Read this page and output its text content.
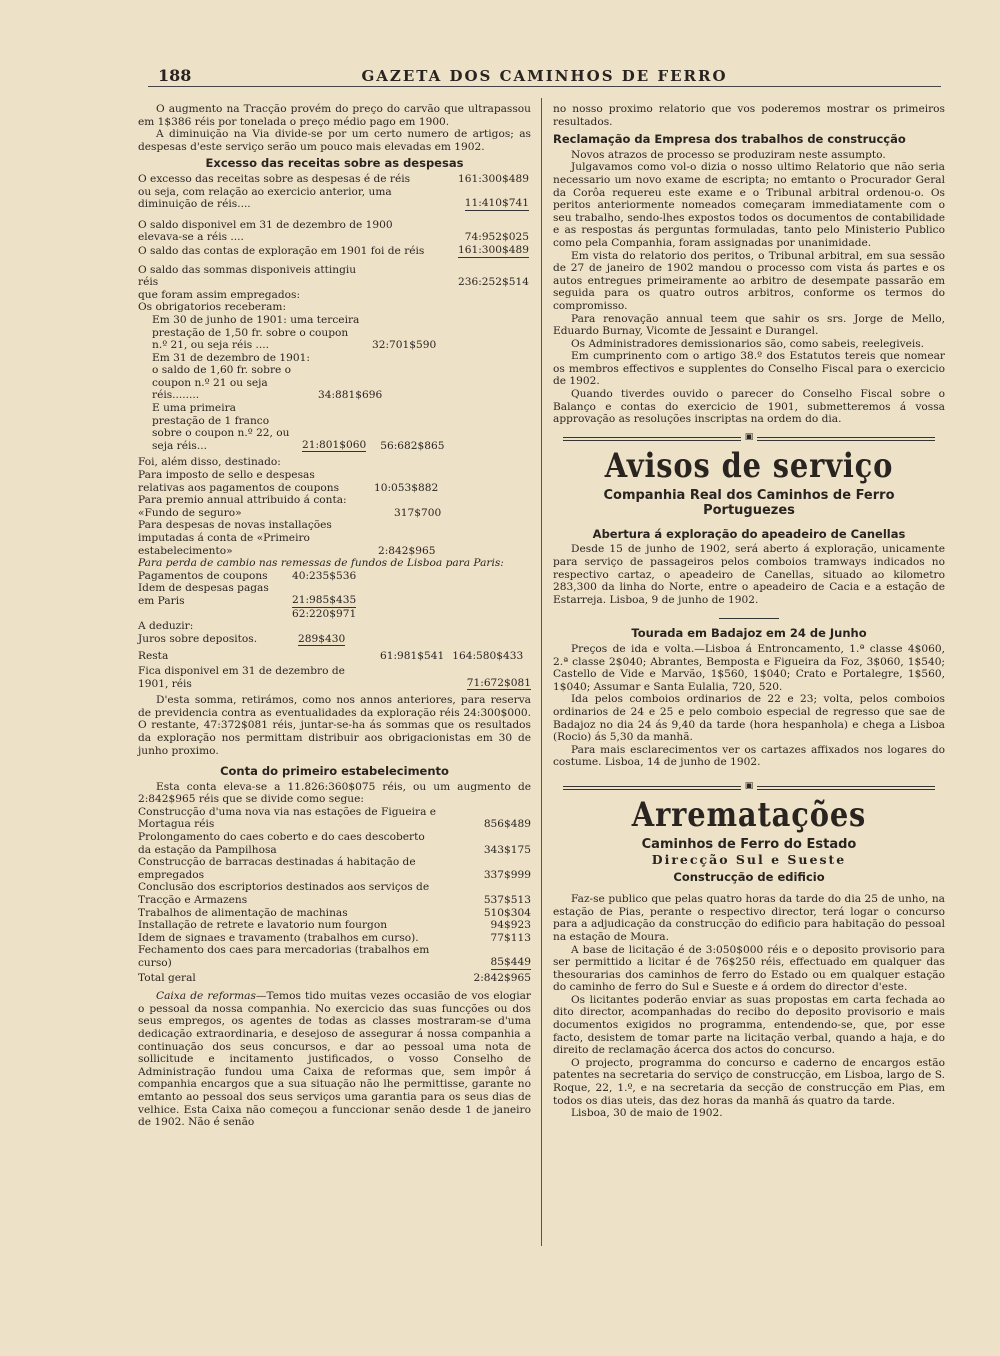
188	GAZETA DOS CAMINHOS DE FERRO

O augmento na Tracção provém do preço do carvão que ultrapassou em 1$386 réis por tonelada o preço médio pago em 1900.

A diminuição na Via divide-se por um certo numero de artigos; as despesas d'este serviço serão um pouco mais elevadas em 1902.

Excesso das receitas sobre as despesas
O excesso das receitas sobre as despesas é de réis	161:300$489
ou seja, com relação ao exercicio anterior, uma diminuição de réis....	11:410$741
O saldo disponivel em 31 de dezembro de 1900 elevava-se a réis ....	74:952$025
O saldo das contas de exploração em 1901 foi de réis	161:300$489
O saldo das sommas disponiveis attingiu réis	236:252$514

que foram assim empregados:

Os obrigatorios receberam:

Em 30 de junho de 1901: uma terceira prestação de 1,50 fr. sobre o coupon n.º 21, ou seja réis ....	32:701$590
Em 31 de dezembro de 1901: o saldo de 1,60 fr. sobre o coupon n.º 21 ou seja réis........	34:881$696
E uma primeira prestação de 1 franco sobre o coupon n.º 22, ou seja réis...	21:801$060 56:682$865

Foi, além disso, destinado:

Para imposto de sello e despesas relativas aos pagamentos de coupons	10:053$882
Para premio annual attribuido á conta: «Fundo de seguro»	317$700
Para despesas de novas installações imputadas á conta de «Primeiro estabelecimento»	2:842$965

Para perda de cambio nas remessas de fundos de Lisboa para Paris:

Pagamentos de coupons	40:235$536
Idem de despesas pagas em Paris	21:985$435
62:220$971

A deduzir:

Juros sobre depositos.	289$430
Resta	61:981$541 164:580$433
Fica disponivel em 31 de dezembro de 1901, réis	71:672$081

D'esta somma, retirámos, como nos annos anteriores, para reserva de previdencia contra as eventualidades da exploração réis 24:300$000. O restante, 47:372$081 réis, juntar-se-ha ás sommas que os resultados da exploração nos permittam distribuir aos obrigacionistas em 30 de junho proximo.

Conta do primeiro estabelecimento

Esta conta eleva-se a 11.826:360$075 réis, ou um augmento de 2:842$965 réis que se divide como segue:

Construcção d'uma nova via nas estações de Figueira e Mortagua réis	856$489
Prolongamento do caes coberto e do caes descoberto da estação da Pampilhosa	343$175
Construcção de barracas destinadas á habitação de empregados	337$999
Conclusão dos escriptorios destinados aos serviços de Tracção e Armazens	537$513
Trabalhos de alimentação de machinas	510$304
Installação de retrete e lavatorio num fourgon	94$923
Idem de signaes e travamento (trabalhos em curso).	77$113
Fechamento dos caes para mercadorias (trabalhos em curso)	85$449
Total geral	2:842$965

Caixa de reformas—Temos tido muitas vezes occasião de vos elogiar o pessoal da nossa companhia. No exercicio das suas funcções ou dos seus empregos, os agentes de todas as classes mostraram-se d'uma dedicação extraordinaria, e desejoso de assegurar á nossa companhia a continuação dos seus concursos, e dar ao pessoal uma nota de sollicitude e incitamento justificados, o vosso Conselho de Administração fundou uma Caixa de reformas que, sem impôr á companhia encargos que a sua situação não lhe permittisse, garante no emtanto ao pessoal dos seus serviços uma garantia para os seus dias de velhice. Esta Caixa não começou a funccionar senão desde 1 de janeiro de 1902. Não é senão

no nosso proximo relatorio que vos poderemos mostrar os primeiros resultados.

Reclamação da Empresa dos trabalhos de construcção

Novos atrazos de processo se produziram neste assumpto.

Julgavamos como vol-o dizia o nosso ultimo Relatorio que não seria necessario um novo exame de escripta; no emtanto o Procurador Geral da Corôa requereu este exame e o Tribunal arbitral ordenou-o. Os peritos anteriormente nomeados começaram immediatamente com o seu trabalho, sendo-lhes expostos todos os documentos de contabilidade e as respostas ás perguntas formuladas, tanto pelo Ministerio Publico como pela Companhia, foram assignadas por unanimidade.

Em vista do relatorio dos peritos, o Tribunal arbitral, em sua sessão de 27 de janeiro de 1902 mandou o processo com vista ás partes e os autos entregues primeiramente ao arbitro de desempate passarão em seguida para os quatro outros arbitros, conforme os termos do compromisso.

Para renovação annual teem que sahir os srs. Jorge de Mello, Eduardo Burnay, Vicomte de Jessaint e Durangel.

Os Administradores demissionarios são, como sabeis, reelegiveis.

Em cumprinento com o artigo 38.º dos Estatutos tereis que nomear os membros effectivos e supplentes do Conselho Fiscal para o exercicio de 1902.

Quando tiverdes ouvido o parecer do Conselho Fiscal sobre o Balanço e contas do exercicio de 1901, submetteremos á vossa approvação as resoluções inscriptas na ordem do dia.

▣
Avisos de serviço
Companhia Real dos Caminhos de Ferro Portuguezes
Abertura á exploração do apeadeiro de Canellas

Desde 15 de junho de 1902, será aberto á exploração, unicamente para serviço de passageiros pelos comboios tramways indicados no respectivo cartaz, o apeadeiro de Canellas, situado ao kilometro 283,300 da linha do Norte, entre o apeadeiro de Cacia e a estação de Estarreja. Lisboa, 9 de junho de 1902.

Tourada em Badajoz em 24 de Junho

Preços de ida e volta.—Lisboa á Entroncamento, 1.ª classe 4$060, 2.ª classe 2$040; Abrantes, Bemposta e Figueira da Foz, 3$060, 1$540; Castello de Vide e Marvão, 1$560, 1$040; Crato e Portalegre, 1$560, 1$040; Assumar e Santa Eulalia, 720, 520.

Ida pelos comboios ordinarios de 22 e 23; volta, pelos comboios ordinarios de 24 e 25 e pelo comboio especial de regresso que sae de Badajoz no dia 24 ás 9,40 da tarde (hora hespanhola) e chega a Lisboa (Rocio) ás 5,30 da manhã.

Para mais esclarecimentos ver os cartazes affixados nos logares do costume. Lisboa, 14 de junho de 1902.

▣
Arrematações
Caminhos de Ferro do Estado
Direcção Sul e Sueste
Construcção de edificio

Faz-se publico que pelas quatro horas da tarde do dia 25 de unho, na estação de Pias, perante o respectivo director, terá logar o concurso para a adjudicação da construcção do edificio para habitação do pessoal na estação de Moura.

A base de licitação é de 3:050$000 réis e o deposito provisorio para ser permittido a licitar é de 76$250 réis, effectuado em qualquer das thesourarias dos caminhos de ferro do Estado ou em qualquer estação do caminho de ferro do Sul e Sueste e á ordem do director d'este.

Os licitantes poderão enviar as suas propostas em carta fechada ao dito director, acompanhadas do recibo do deposito provisorio e mais documentos exigidos no programma, entendendo-se, que, por esse facto, desistem de tomar parte na licitação verbal, quando a haja, e do direito de reclamação ácerca dos actos do concurso.

O projecto, programma do concurso e caderno de encargos estão patentes na secretaria do serviço de construcção, em Lisboa, largo de S. Roque, 22, 1.º, e na secretaria da secção de construcção em Pias, em todos os dias uteis, das dez horas da manhã ás quatro da tarde.

Lisboa, 30 de maio de 1902.
